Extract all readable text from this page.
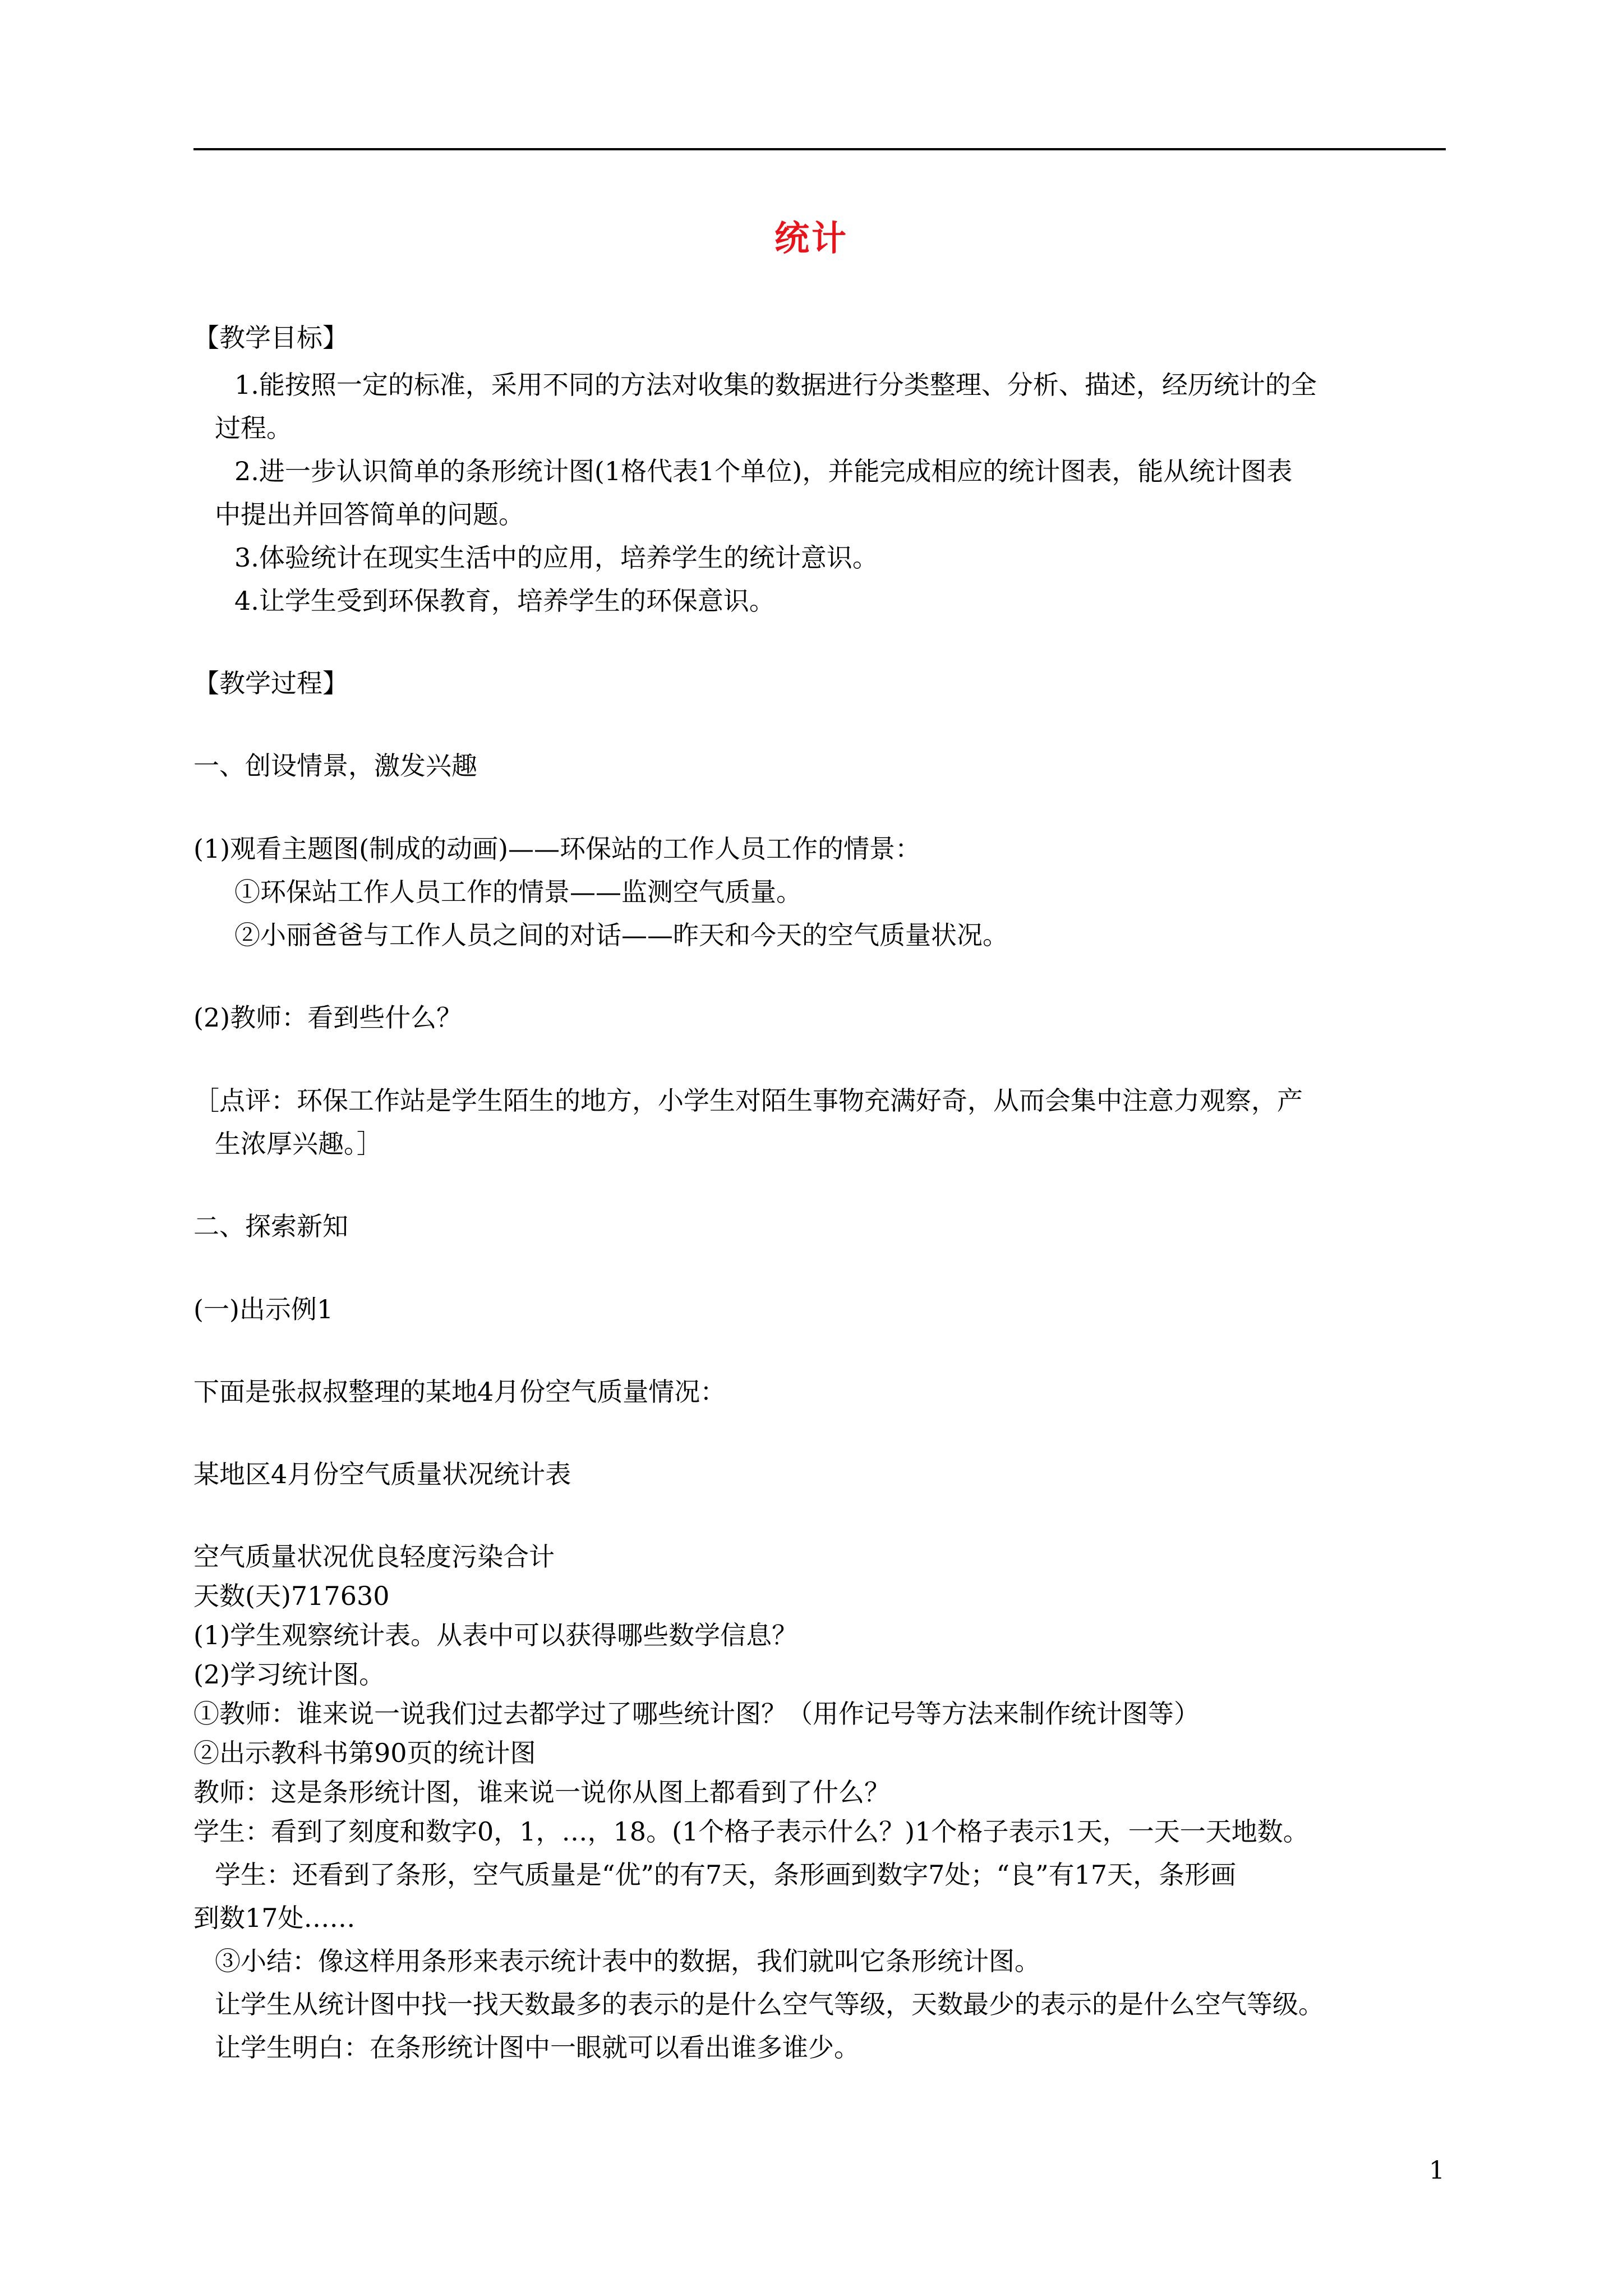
统计
【教学目标】
1.能按照一定的标准，采用不同的方法对收集的数据进行分类整理、分析、描述，经历统计的全
过程。
2.进一步认识简单的条形统计图(1格代表1个单位)，并能完成相应的统计图表，能从统计图表
中提出并回答简单的问题。
3.体验统计在现实生活中的应用，培养学生的统计意识。
4.让学生受到环保教育，培养学生的环保意识。
【教学过程】
一、创设情景，激发兴趣
(1)观看主题图(制成的动画)——环保站的工作人员工作的情景：
①环保站工作人员工作的情景——监测空气质量。
②小丽爸爸与工作人员之间的对话——昨天和今天的空气质量状况。
(2)教师：看到些什么？
［点评：环保工作站是学生陌生的地方，小学生对陌生事物充满好奇，从而会集中注意力观察，产
生浓厚兴趣。］
二、探索新知
(一)出示例1
下面是张叔叔整理的某地4月份空气质量情况：
某地区4月份空气质量状况统计表
空气质量状况优良轻度污染合计
天数(天)717630
(1)学生观察统计表。从表中可以获得哪些数学信息？
(2)学习统计图。
①教师：谁来说一说我们过去都学过了哪些统计图？（用作记号等方法来制作统计图等）
②出示教科书第90页的统计图
教师：这是条形统计图，谁来说一说你从图上都看到了什么？
学生：看到了刻度和数字0，1，…，18。(1个格子表示什么？)1个格子表示1天，一天一天地数。
学生：还看到了条形，空气质量是“优”的有7天，条形画到数字7处；“良”有17天，条形画
到数17处……
③小结：像这样用条形来表示统计表中的数据，我们就叫它条形统计图。
让学生从统计图中找一找天数最多的表示的是什么空气等级，天数最少的表示的是什么空气等级。
让学生明白：在条形统计图中一眼就可以看出谁多谁少。
1
